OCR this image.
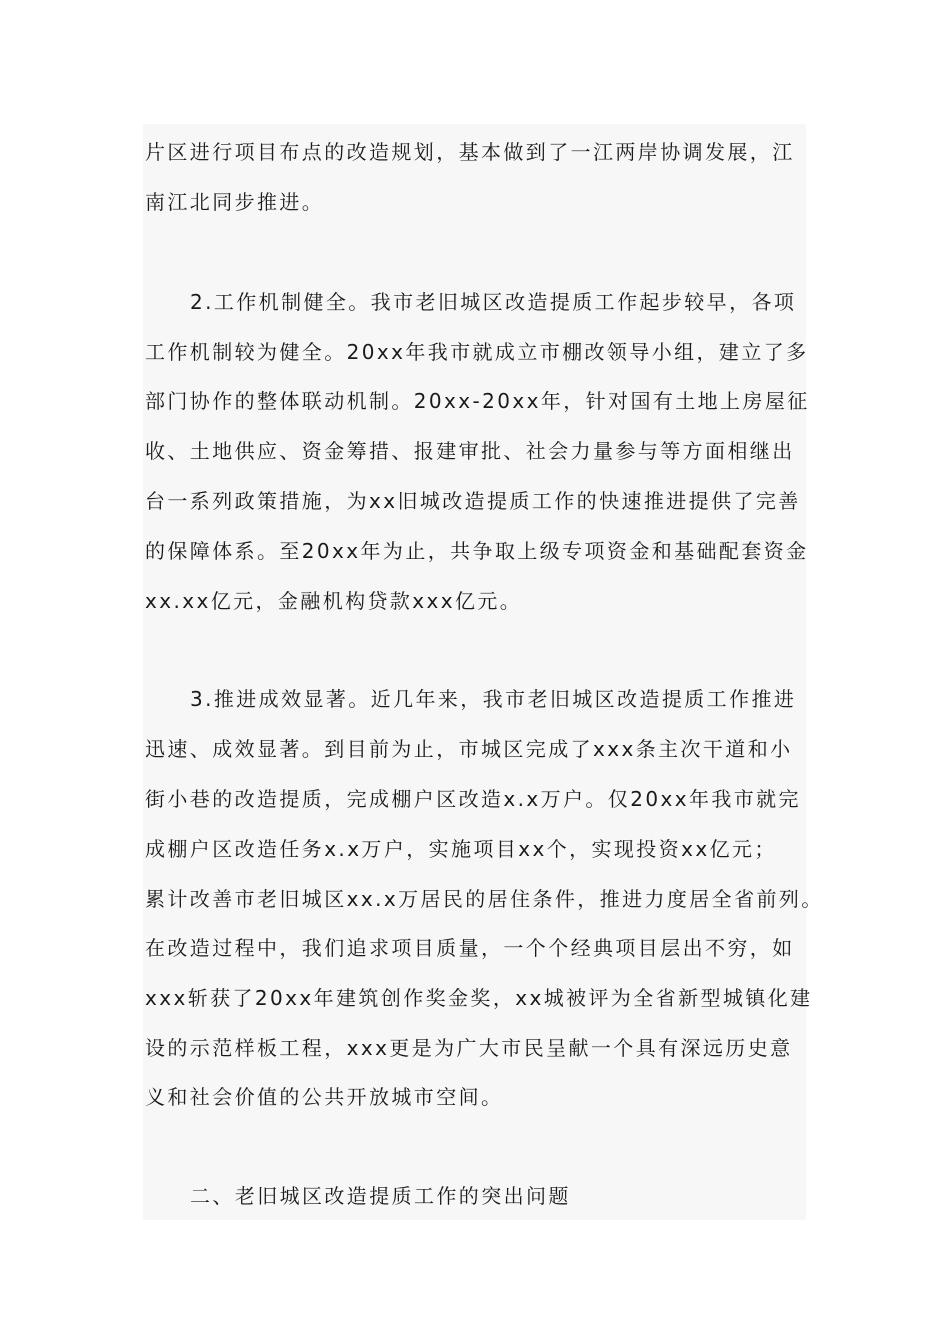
片区进行项目布点的改造规划，基本做到了一江两岸协调发展，江
南江北同步推进。
2.工作机制健全。我市老旧城区改造提质工作起步较早，各项
工作机制较为健全。20xx年我市就成立市棚改领导小组，建立了多
部门协作的整体联动机制。20xx-20xx年，针对国有土地上房屋征
收、土地供应、资金筹措、报建审批、社会力量参与等方面相继出
台一系列政策措施，为xx旧城改造提质工作的快速推进提供了完善
的保障体系。至20xx年为止，共争取上级专项资金和基础配套资金
xx.xx亿元，金融机构贷款xxx亿元。
3.推进成效显著。近几年来，我市老旧城区改造提质工作推进
迅速、成效显著。到目前为止，市城区完成了xxx条主次干道和小
街小巷的改造提质，完成棚户区改造x.x万户。仅20xx年我市就完
成棚户区改造任务x.x万户，实施项目xx个，实现投资xx亿元；
累计改善市老旧城区xx.x万居民的居住条件，推进力度居全省前列。
在改造过程中，我们追求项目质量，一个个经典项目层出不穷，如
xxx斩获了20xx年建筑创作奖金奖，xx城被评为全省新型城镇化建
设的示范样板工程，xxx更是为广大市民呈献一个具有深远历史意
义和社会价值的公共开放城市空间。
二、老旧城区改造提质工作的突出问题
